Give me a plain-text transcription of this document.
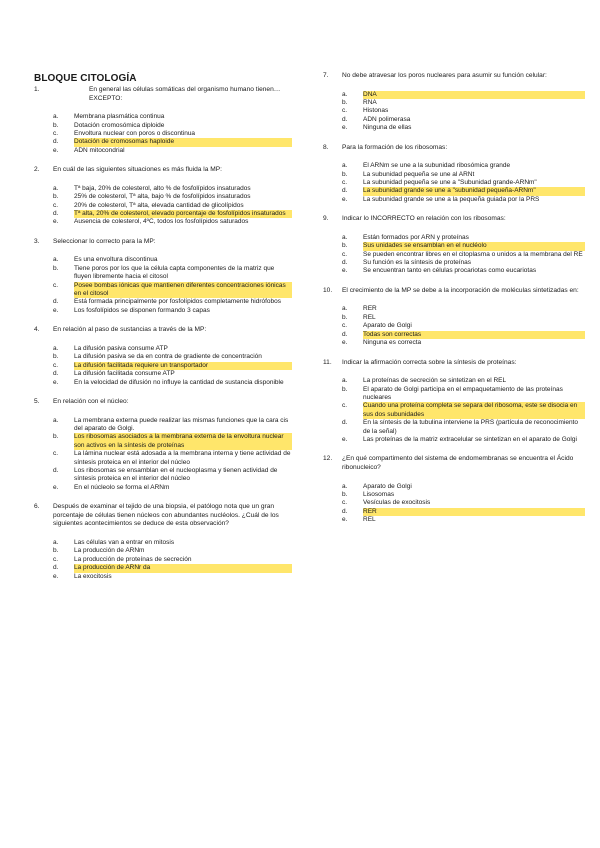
BLOQUE CITOLOGÍA
1.	En general las células somáticas del organismo humano tienen…EXCEPTO:
a.	Membrana plasmática continua
b.	Dotación cromosómica diploide
c.	Envoltura nuclear con poros o discontinua
d.	Dotación de cromosomas haploide
e.	ADN mitocondrial
2.	En cuál de las siguientes situaciones es más fluida la MP:
a.	Tª baja, 20% de colesterol, alto % de fosfolípidos insaturados
b.	25% de colesterol, Tª alta, bajo % de fosfolípidos insaturados
c.	20% de colesterol, Tª alta, elevada cantidad de glicolípidos
d.	Tª alta, 20% de colesterol, elevado porcentaje de fosfolípidos insaturados
e.	Ausencia de colesterol, 4ºC, todos los fosfolípidos saturados
3.	Seleccionar lo correcto para la MP:
a.	Es una envoltura discontinua
b.	Tiene poros por los que la célula capta componentes de la matriz que fluyen libremente hacia el citosol
c.	Posee bombas iónicas que mantienen diferentes concentraciones iónicas en el citosol
d.	Está formada principalmente por fosfolípidos completamente hidrófobos
e.	Los fosfolípidos se disponen formando 3 capas
4.	En relación al paso de sustancias a través de la MP:
a.	La difusión pasiva consume ATP
b.	La difusión pasiva se da en contra de gradiente de concentración
c.	La difusión facilitada requiere un transportador
d.	La difusión facilitada consume ATP
e.	En la velocidad de difusión no influye la cantidad de sustancia disponible
5.	En relación con el núcleo:
a.	La membrana externa puede realizar las mismas funciones que la cara cis del aparato de Golgi.
b.	Los ribosomas asociados a la membrana externa de la envoltura nuclear son activos en la síntesis de proteínas
c.	La lámina nuclear está adosada a la membrana interna y tiene actividad de síntesis proteica en el interior del núcleo
d.	Los ribosomas se ensamblan en el nucleoplasma y tienen actividad de síntesis proteica en el interior del núcleo
e.	En el núcleolo se forma el ARNm
6.	Después de examinar el tejido de una biopsia, el patólogo nota que un gran porcentaje de células tienen núcleos con abundantes nucléolos. ¿Cuál de los siguientes acontecimientos se deduce de esta observación?
a.	Las células van a entrar en mitosis
b.	La producción de ARNm
c.	La producción de proteínas de secreción
d.	La producción de ARNr da
e.	La exocitosis
7.	No debe atravesar los poros nucleares para asumir su función celular:
a.	DNA
b.	RNA
c.	Histonas
d.	ADN polimerasa
e.	Ninguna de ellas
8.	Para la formación de los ribosomas:
a.	El ARNm se une a la subunidad ribosómica grande
b.	La subunidad pequeña se une al ARNt
c.	La subunidad pequeña se une a "Subunidad grande-ARNm"
d.	La subunidad grande se une a "subunidad pequeña-ARNm"
e.	La subunidad grande se une a la pequeña guiada por la PRS
9.	Indicar lo INCORRECTO en relación con los ribosomas:
a.	Están formados por ARN y proteínas
b.	Sus unidades se ensamblan en el nucléolo
c.	Se pueden encontrar libres en el citoplasma o unidos a la membrana del RE
d.	Su función es la síntesis de proteínas
e.	Se encuentran tanto en células procariotas como eucariotas
10.	El crecimiento de la MP se debe a la incorporación de moléculas sintetizadas en:
a.	RER
b.	REL
c.	Aparato de Golgi
d.	Todas son correctas
e.	Ninguna es correcta
11.	Indicar la afirmación correcta sobre la síntesis de proteínas:
a.	La proteínas de secreción se sintetizan en el REL
b.	El aparato de Golgi participa en el empaquetamiento de las proteínas nucleares
c.	Cuando una proteína completa se separa del ribosoma, este se disocia en sus dos subunidades
d.	En la síntesis de la tubulina interviene la PRS (partícula de reconocimiento de la señal)
e.	Las proteínas de la matriz extracelular se sintetizan en el aparato de Golgi
12.	¿En qué compartimento del sistema de endomembranas se encuentra el Ácido ribonucleico?
a.	Aparato de Golgi
b.	Lisosomas
c.	Vesículas de exocitosis
d.	RER
e.	REL
